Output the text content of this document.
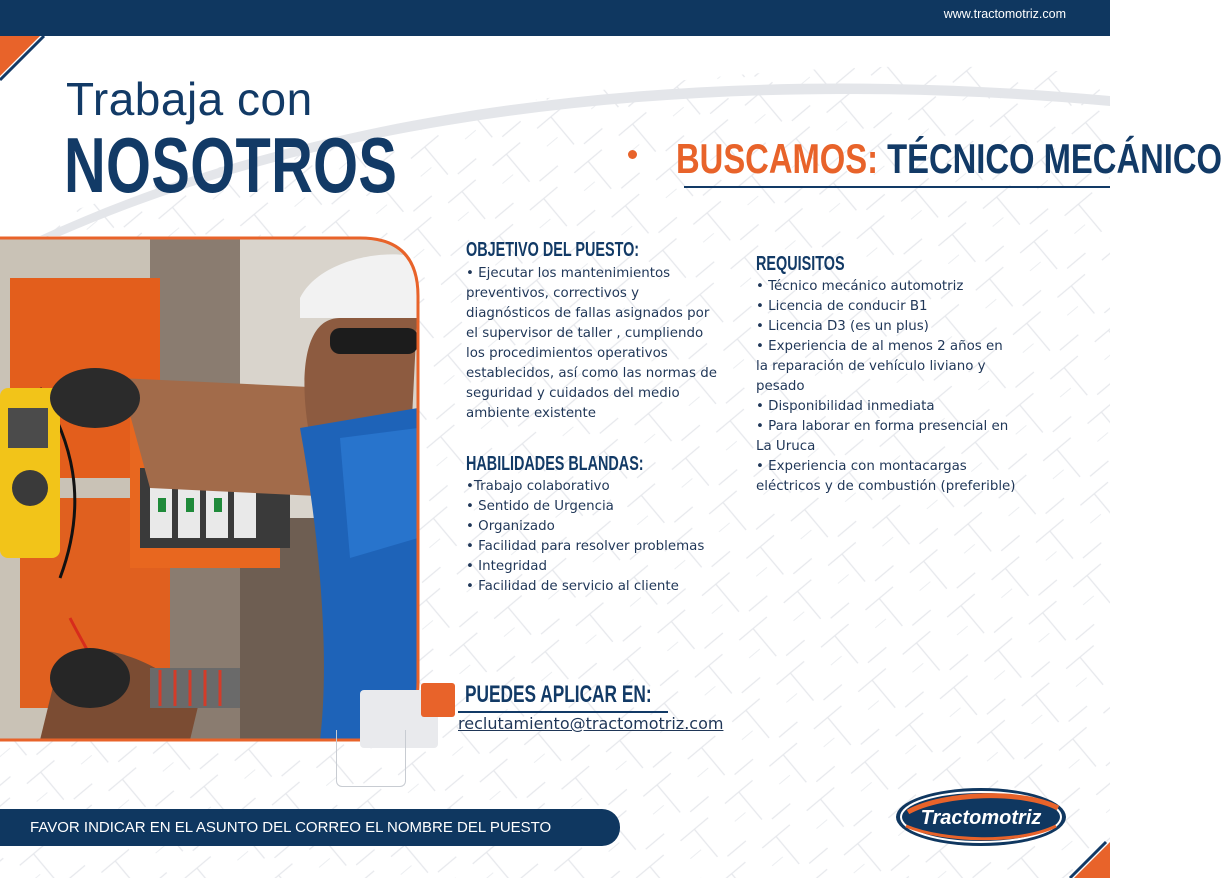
www.tractomotriz.com
Trabaja con
NOSOTROS	BUSCAMOS: TÉCNICO MECÁNICO
OBJETIVO DEL PUESTO:
• Ejecutar los mantenimientos
preventivos, correctivos y
diagnósticos de fallas asignados por
el supervisor de taller , cumpliendo
los procedimientos operativos
establecidos, así como las normas de
seguridad y cuidados del medio
ambiente existente
HABILIDADES BLANDAS:
•Trabajo colaborativo
• Sentido de Urgencia
• Organizado
• Facilidad para resolver problemas
• Integridad
• Facilidad de servicio al cliente
REQUISITOS
• Técnico mecánico automotriz
• Licencia de conducir B1
• Licencia D3 (es un plus)
• Experiencia de al menos 2 años en
la reparación de vehículo liviano y
pesado
• Disponibilidad inmediata
• Para laborar en forma presencial en
La Uruca
• Experiencia con montacargas
eléctricos y de combustión (preferible)
PUEDES APLICAR EN:
reclutamiento@tractomotriz.com
FAVOR INDICAR EN EL ASUNTO DEL CORREO EL NOMBRE DEL PUESTO	Tractomotriz
